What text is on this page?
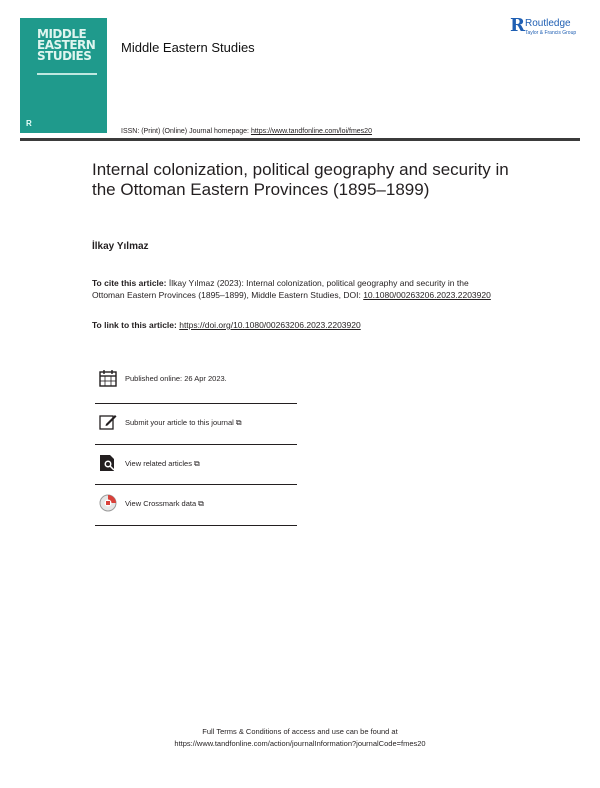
MIDDLE
EASTERN
STUDIES
R
Middle Eastern Studies
R Routledge
Taylor & Francis Group
ISSN: (Print) (Online) Journal homepage: https://www.tandfonline.com/loi/fmes20
Internal colonization, political geography and security in the Ottoman Eastern Provinces (1895–1899)
İlkay Yılmaz
To cite this article: İlkay Yılmaz (2023): Internal colonization, political geography and security in the Ottoman Eastern Provinces (1895–1899), Middle Eastern Studies, DOI: 10.1080/00263206.2023.2203920
To link to this article: https://doi.org/10.1080/00263206.2023.2203920
Published online: 26 Apr 2023.
Submit your article to this journal ⧉
View related articles ⧉
View Crossmark data ⧉
Full Terms & Conditions of access and use can be found at
https://www.tandfonline.com/action/journalInformation?journalCode=fmes20
